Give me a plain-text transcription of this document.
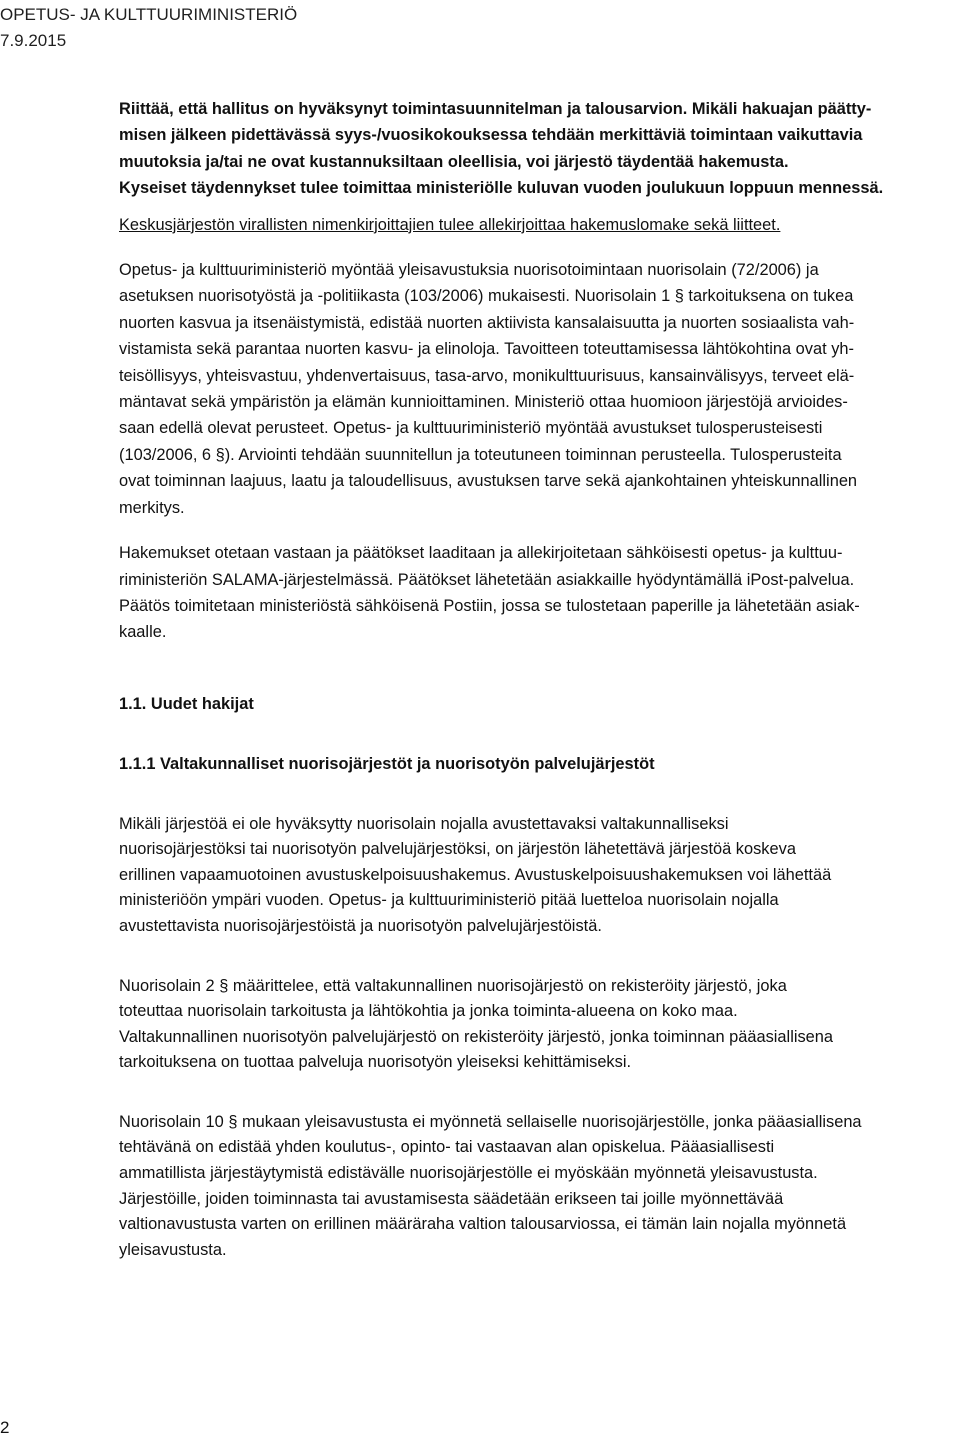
OPETUS- JA KULTTUURIMINISTERIÖ
7.9.2015

Riittää, että hallitus on hyväksynyt toimintasuunnitelman ja talousarvion. Mikäli hakuajan päätty-

misen jälkeen pidettävässä syys-/vuosikokouksessa tehdään merkittäviä toimintaan vaikuttavia

muutoksia ja/tai ne ovat kustannuksiltaan oleellisia, voi järjestö täydentää hakemusta.

Kyseiset täydennykset tulee toimittaa ministeriölle kuluvan vuoden joulukuun loppuun mennessä.

Keskusjärjestön virallisten nimenkirjoittajien tulee allekirjoittaa hakemuslomake sekä liitteet.

Opetus- ja kulttuuriministeriö myöntää yleisavustuksia nuorisotoimintaan nuorisolain (72/2006) ja

asetuksen nuorisotyöstä ja -politiikasta (103/2006) mukaisesti. Nuorisolain 1 § tarkoituksena on tukea

nuorten kasvua ja itsenäistymistä, edistää nuorten aktiivista kansalaisuutta ja nuorten sosiaalista vah-

vistamista sekä parantaa nuorten kasvu- ja elinoloja. Tavoitteen toteuttamisessa lähtökohtina ovat yh-

teisöllisyys, yhteisvastuu, yhdenvertaisuus, tasa-arvo, monikulttuurisuus, kansainvälisyys, terveet elä-

mäntavat sekä ympäristön ja elämän kunnioittaminen. Ministeriö ottaa huomioon järjestöjä arvioides-

saan edellä olevat perusteet. Opetus- ja kulttuuriministeriö myöntää avustukset tulosperusteisesti

(103/2006, 6 §). Arviointi tehdään suunnitellun ja toteutuneen toiminnan perusteella. Tulosperusteita

ovat toiminnan laajuus, laatu ja taloudellisuus, avustuksen tarve sekä ajankohtainen yhteiskunnallinen

merkitys.

Hakemukset otetaan vastaan ja päätökset laaditaan ja allekirjoitetaan sähköisesti opetus- ja kulttuu-

riministeriön SALAMA-järjestelmässä. Päätökset lähetetään asiakkaille hyödyntämällä iPost-palvelua.

Päätös toimitetaan ministeriöstä sähköisenä Postiin, jossa se tulostetaan paperille ja lähetetään asiak-

kaalle.

1.1. Uudet hakijat

1.1.1 Valtakunnalliset nuorisojärjestöt ja nuorisotyön palvelujärjestöt

Mikäli järjestöä ei ole hyväksytty nuorisolain nojalla avustettavaksi valtakunnalliseksi

nuorisojärjestöksi tai nuorisotyön palvelujärjestöksi, on järjestön lähetettävä järjestöä koskeva

erillinen vapaamuotoinen avustuskelpoisuushakemus. Avustuskelpoisuushakemuksen voi lähettää

ministeriöön ympäri vuoden. Opetus- ja kulttuuriministeriö pitää luetteloa nuorisolain nojalla

avustettavista nuorisojärjestöistä ja nuorisotyön palvelujärjestöistä.

Nuorisolain 2 § määrittelee, että valtakunnallinen nuorisojärjestö on rekisteröity järjestö, joka

toteuttaa nuorisolain tarkoitusta ja lähtökohtia ja jonka toiminta-alueena on koko maa.

Valtakunnallinen nuorisotyön palvelujärjestö on rekisteröity järjestö, jonka toiminnan pääasiallisena

tarkoituksena on tuottaa palveluja nuorisotyön yleiseksi kehittämiseksi.

Nuorisolain 10 § mukaan yleisavustusta ei myönnetä sellaiselle nuorisojärjestölle, jonka pääasiallisena

tehtävänä on edistää yhden koulutus-, opinto- tai vastaavan alan opiskelua. Pääasiallisesti

ammatillista järjestäytymistä edistävälle nuorisojärjestölle ei myöskään myönnetä yleisavustusta.

Järjestöille, joiden toiminnasta tai avustamisesta säädetään erikseen tai joille myönnettävää

valtionavustusta varten on erillinen määräraha valtion talousarviossa, ei tämän lain nojalla myönnetä

yleisavustusta.

2
